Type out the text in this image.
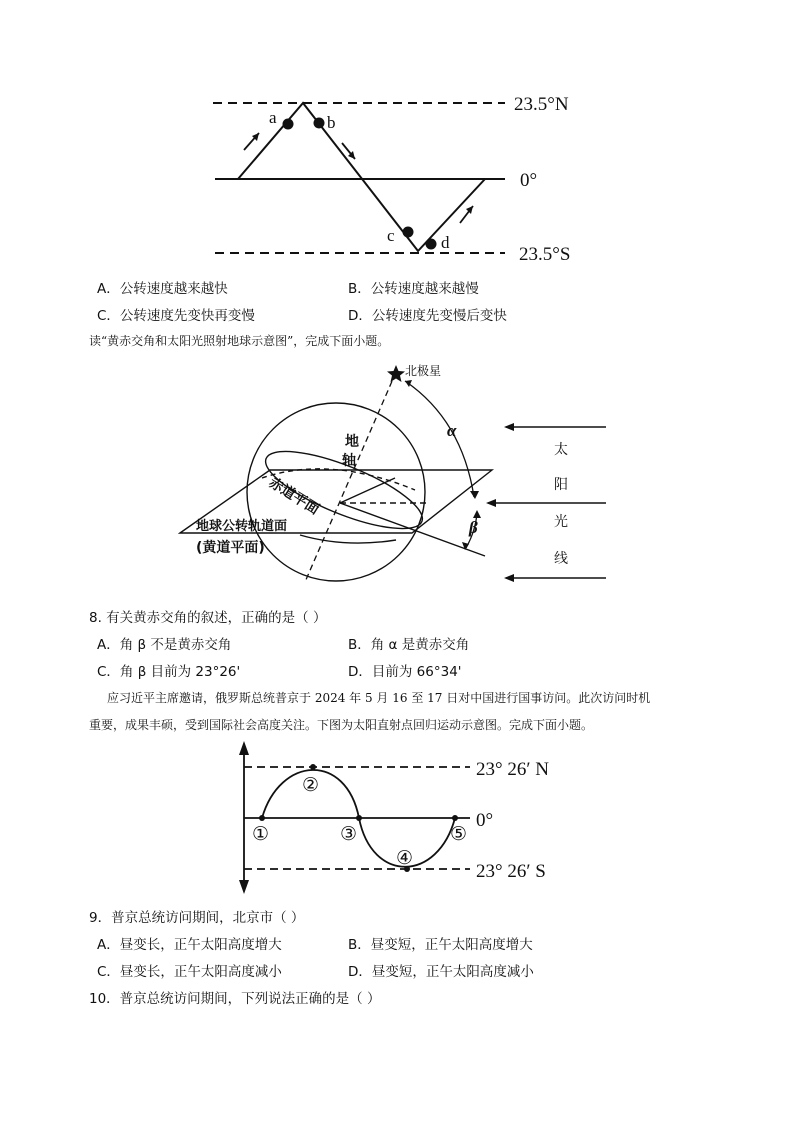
a	b
c	d
23.5°N
0°
23.5°S
A．公转速度越来越快	B．公转速度越来越慢
C．公转速度先变快再变慢	D．公转速度先变慢后变快
读“黄赤交角和太阳光照射地球示意图”，完成下面小题。
北极星
地
轴
α
β
赤道平面
地球公转轨道面
(黄道平面)
太
阳
光
线
8. 有关黄赤交角的叙述，正确的是（ ）
A．角 β 不是黄赤交角	B．角 α 是黄赤交角
C．角 β 目前为 23°26'	D．目前为 66°34'
应习近平主席邀请，俄罗斯总统普京于 2024 年 5 月 16 至 17 日对中国进行国事访问。此次访问时机
重要，成果丰硕，受到国际社会高度关注。下图为太阳直射点回归运动示意图。完成下面小题。
①
②
③
④
⑤
23° 26′ N
0°
23° 26′ S
9．普京总统访问期间，北京市（ ）
A．昼变长，正午太阳高度增大	B．昼变短，正午太阳高度增大
C．昼变长，正午太阳高度减小	D．昼变短，正午太阳高度减小
10．普京总统访问期间，下列说法正确的是（ ）
